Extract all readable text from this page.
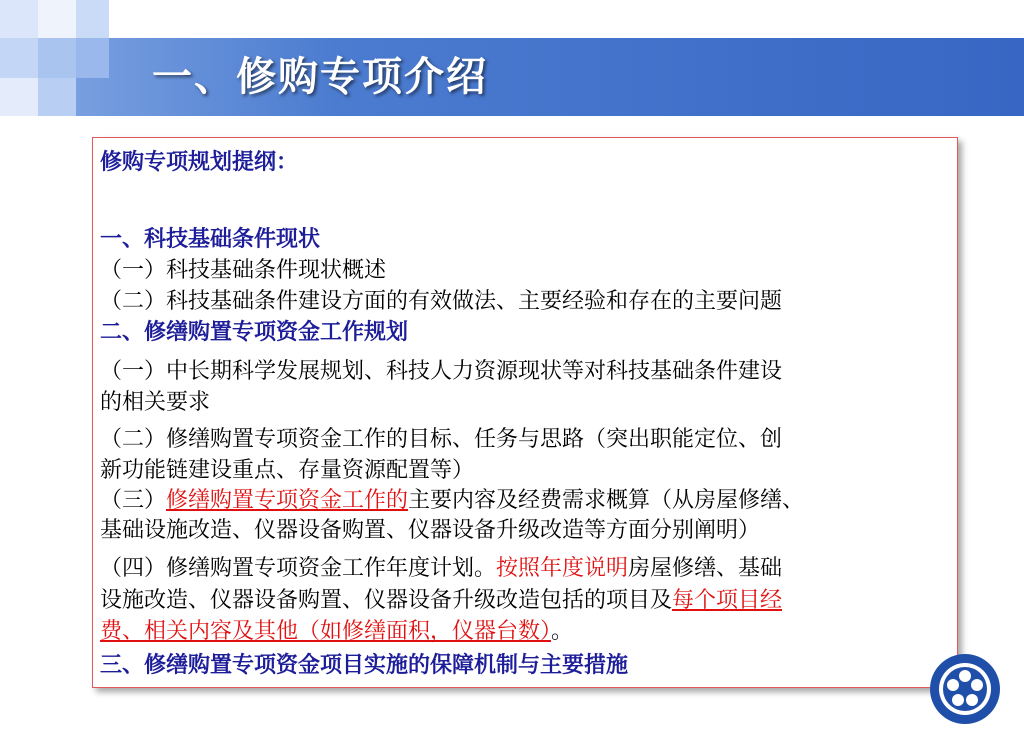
一、修购专项介绍
修购专项规划提纲：
一、科技基础条件现状
（一）科技基础条件现状概述
（二）科技基础条件建设方面的有效做法、主要经验和存在的主要问题
二、修缮购置专项资金工作规划
（一）中长期科学发展规划、科技人力资源现状等对科技基础条件建设
的相关要求
（二）修缮购置专项资金工作的目标、任务与思路（突出职能定位、创
新功能链建设重点、存量资源配置等）
（三）修缮购置专项资金工作的主要内容及经费需求概算（从房屋修缮、
基础设施改造、仪器设备购置、仪器设备升级改造等方面分别阐明）
（四）修缮购置专项资金工作年度计划。按照年度说明房屋修缮、基础
设施改造、仪器设备购置、仪器设备升级改造包括的项目及每个项目经
费、相关内容及其他（如修缮面积，仪器台数）。
三、修缮购置专项资金项目实施的保障机制与主要措施
